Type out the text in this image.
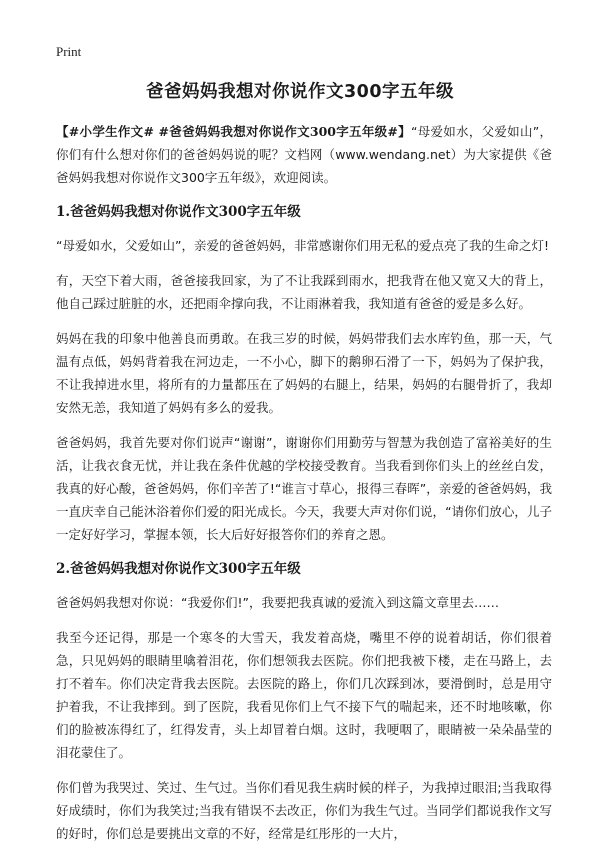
Print
爸爸妈妈我想对你说作文300字五年级

【#小学生作文# #爸爸妈妈我想对你说作文300字五年级#】“母爱如水，父爱如山”，你们有什么想对你们的爸爸妈妈说的呢？文档网（www.wendang.net）为大家提供《爸爸妈妈我想对你说作文300字五年级》，欢迎阅读。

1.爸爸妈妈我想对你说作文300字五年级

“母爱如水，父爱如山”，亲爱的爸爸妈妈，非常感谢你们用无私的爱点亮了我的生命之灯!

有，天空下着大雨，爸爸接我回家，为了不让我踩到雨水，把我背在他又宽又大的背上，他自己踩过脏脏的水，还把雨伞撑向我，不让雨淋着我，我知道有爸爸的爱是多么好。

妈妈在我的印象中他善良而勇敢。在我三岁的时候，妈妈带我们去水库钓鱼，那一天，气温有点低，妈妈背着我在河边走，一不小心，脚下的鹅卵石滑了一下，妈妈为了保护我，不让我掉进水里，将所有的力量都压在了妈妈的右腿上，结果，妈妈的右腿骨折了，我却安然无恙，我知道了妈妈有多么的爱我。

爸爸妈妈，我首先要对你们说声“谢谢”，谢谢你们用勤劳与智慧为我创造了富裕美好的生活，让我衣食无忧，并让我在条件优越的学校接受教育。当我看到你们头上的丝丝白发，我真的好心酸，爸爸妈妈，你们辛苦了!“谁言寸草心，报得三春晖”，亲爱的爸爸妈妈，我一直庆幸自己能沐浴着你们爱的阳光成长。今天，我要大声对你们说，“请你们放心，儿子一定好好学习，掌握本领，长大后好好报答你们的养育之恩。

2.爸爸妈妈我想对你说作文300字五年级

爸爸妈妈我想对你说：“我爱你们!”，我要把我真诚的爱流入到这篇文章里去……

我至今还记得，那是一个寒冬的大雪天，我发着高烧，嘴里不停的说着胡话，你们很着急，只见妈妈的眼睛里噙着泪花，你们想领我去医院。你们把我被下楼，走在马路上，去打不着车。你们决定背我去医院。去医院的路上，你们几次踩到冰，要滑倒时，总是用守护着我，不让我摔到。到了医院，我看见你们上气不接下气的喘起来，还不时地咳嗽，你们的脸被冻得红了，红得发青，头上却冒着白烟。这时，我哽咽了，眼睛被一朵朵晶莹的泪花蒙住了。

你们曾为我哭过、笑过、生气过。当你们看见我生病时候的样子，为我掉过眼泪;当我取得好成绩时，你们为我笑过;当我有错误不去改正，你们为我生气过。当同学们都说我作文写的好时，你们总是要挑出文章的不好，经常是红彤彤的一大片，
